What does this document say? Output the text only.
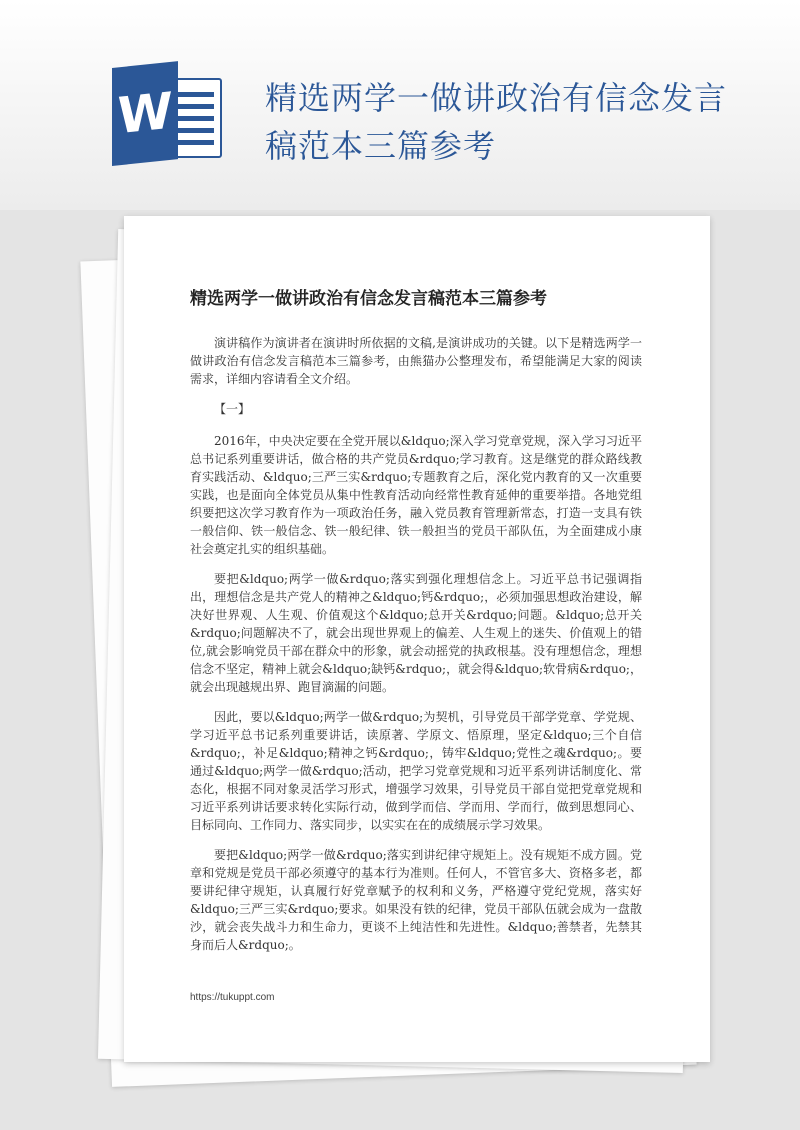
W	精选两学一做讲政治有信念发言稿范本三篇参考
精选两学一做讲政治有信念发言稿范本三篇参考

演讲稿作为演讲者在演讲时所依据的文稿,是演讲成功的关键。以下是精选两学一做讲政治有信念发言稿范本三篇参考，由熊猫办公整理发布，希望能满足大家的阅读需求，详细内容请看全文介绍。

【一】

2016年，中央决定要在全党开展以&ldquo;深入学习党章党规，深入学习习近平总书记系列重要讲话，做合格的共产党员&rdquo;学习教育。这是继党的群众路线教育实践活动、&ldquo;三严三实&rdquo;专题教育之后，深化党内教育的又一次重要实践，也是面向全体党员从集中性教育活动向经常性教育延伸的重要举措。各地党组织要把这次学习教育作为一项政治任务，融入党员教育管理新常态，打造一支具有铁一般信仰、铁一般信念、铁一般纪律、铁一般担当的党员干部队伍，为全面建成小康社会奠定扎实的组织基础。

要把&ldquo;两学一做&rdquo;落实到强化理想信念上。习近平总书记强调指出，理想信念是共产党人的精神之&ldquo;钙&rdquo;，必须加强思想政治建设，解决好世界观、人生观、价值观这个&ldquo;总开关&rdquo;问题。&ldquo;总开关&rdquo;问题解决不了，就会出现世界观上的偏差、人生观上的迷失、价值观上的错位,就会影响党员干部在群众中的形象，就会动摇党的执政根基。没有理想信念，理想信念不坚定，精神上就会&ldquo;缺钙&rdquo;，就会得&ldquo;软骨病&rdquo;，就会出现越规出界、跑冒滴漏的问题。

因此，要以&ldquo;两学一做&rdquo;为契机，引导党员干部学党章、学党规、学习近平总书记系列重要讲话，读原著、学原文、悟原理，坚定&ldquo;三个自信&rdquo;，补足&ldquo;精神之钙&rdquo;，铸牢&ldquo;党性之魂&rdquo;。要通过&ldquo;两学一做&rdquo;活动，把学习党章党规和习近平系列讲话制度化、常态化，根据不同对象灵活学习形式，增强学习效果，引导党员干部自觉把党章党规和习近平系列讲话要求转化实际行动，做到学而信、学而用、学而行，做到思想同心、目标同向、工作同力、落实同步，以实实在在的成绩展示学习效果。

要把&ldquo;两学一做&rdquo;落实到讲纪律守规矩上。没有规矩不成方圆。党章和党规是党员干部必须遵守的基本行为准则。任何人，不管官多大、资格多老，都要讲纪律守规矩，认真履行好党章赋予的权利和义务，严格遵守党纪党规，落实好&ldquo;三严三实&rdquo;要求。如果没有铁的纪律，党员干部队伍就会成为一盘散沙，就会丧失战斗力和生命力，更谈不上纯洁性和先进性。&ldquo;善禁者，先禁其身而后人&rdquo;。

https://tukuppt.com
